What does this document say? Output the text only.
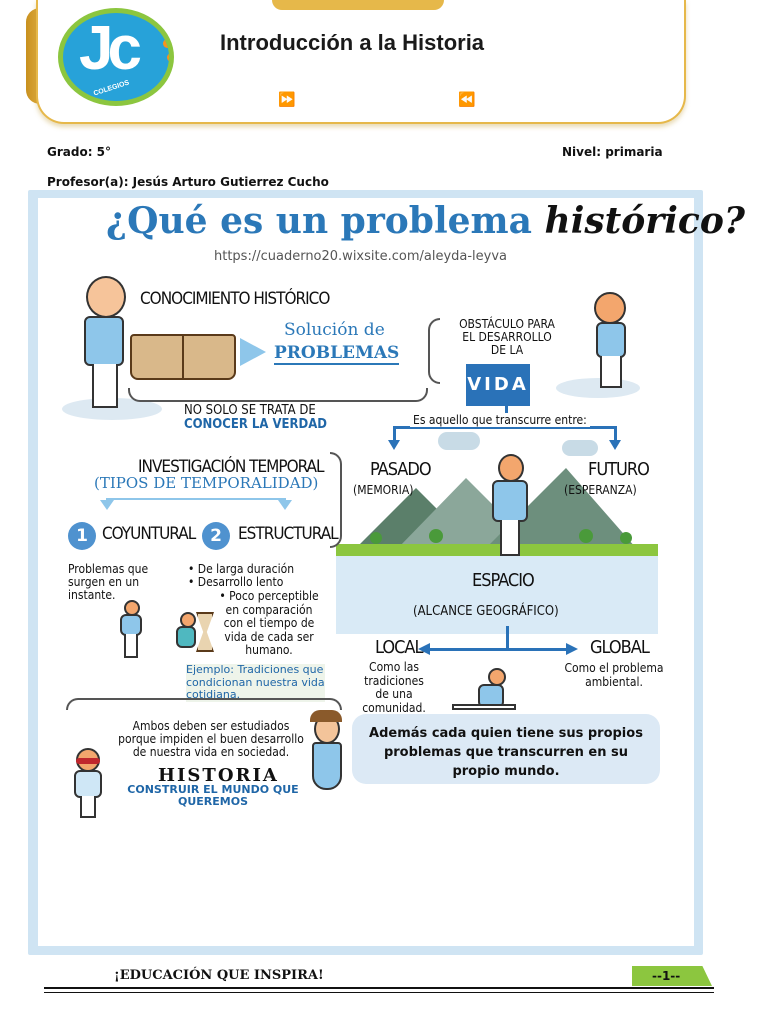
Jc
COLEGIOS
Introducción a la Historia
⏩	⏪
Grado: 5°	Nivel: primaria
Profesor(a): Jesús Arturo Gutierrez Cucho
¿Qué es un problema histórico?
https://cuaderno20.wixsite.com/aleyda-leyva
CONOCIMIENTO HISTÓRICO
Solución de
PROBLEMAS
NO SOLO SE TRATA DE
CONOCER LA VERDAD
OBSTÁCULO PARA
EL DESARROLLO
DE LA
VIDA
Es aquello que transcurre entre:
PASADO
(MEMORIA)
FUTURO
(ESPERANZA)
INVESTIGACIÓN TEMPORAL
(TIPOS DE TEMPORALIDAD)
1 COYUNTURAL 2 ESTRUCTURAL
Problemas que
surgen en un
instante.
• De larga duración
• Desarrollo lento
• Poco perceptible
en comparación
con el tiempo de
vida de cada ser
humano.
Ejemplo: Tradiciones que
condicionan nuestra vida
cotidiana.
ESPACIO
(ALCANCE GEOGRÁFICO)
LOCAL	GLOBAL
Como las
tradiciones
de una
comunidad.
Como el problema
ambiental.
Además cada quien tiene sus propios
problemas que transcurren en su
propio mundo.
Ambos deben ser estudiados
porque impiden el buen desarrollo
de nuestra vida en sociedad.
HISTORIA
CONSTRUIR EL MUNDO QUE
QUEREMOS
¡EDUCACIÓN QUE INSPIRA!	--1--
